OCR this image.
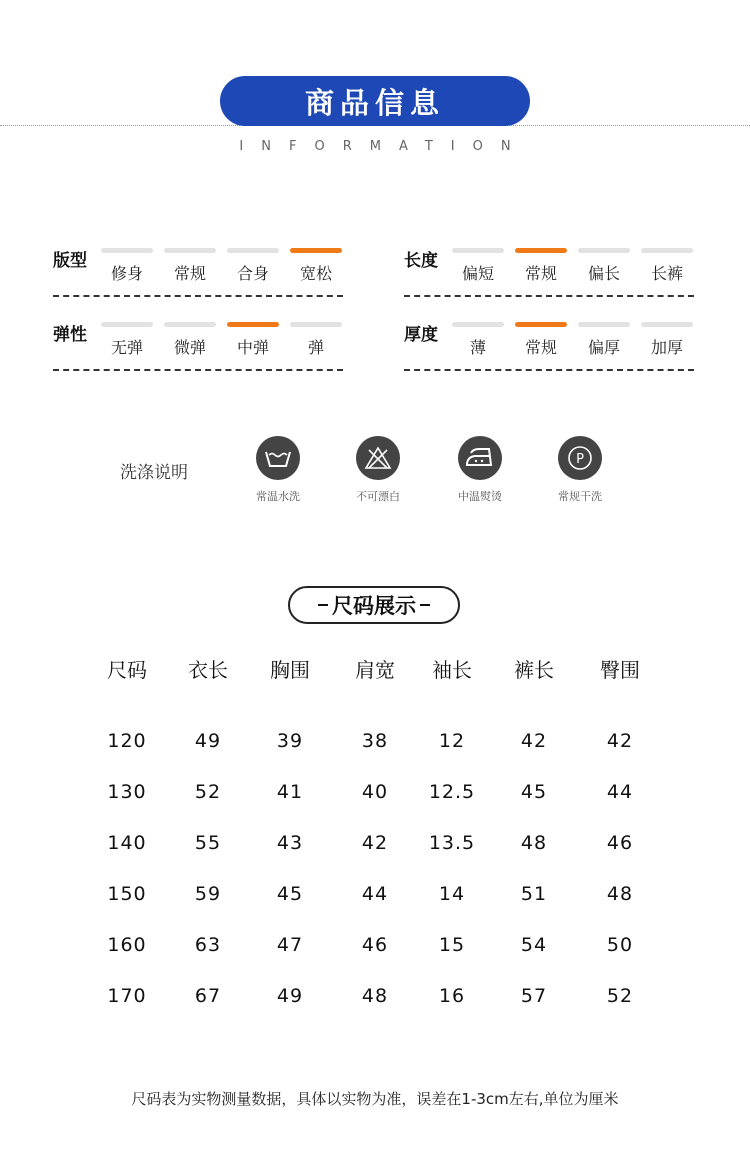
商品信息
INFORMATION
版型
修身	常规	合身	宽松
长度
偏短	常规	偏长	长裤
弹性
无弹	微弹	中弹	弹
厚度
薄	常规	偏厚	加厚
洗涤说明
常温水洗	不可漂白	中温熨烫
P
常规干洗
尺码展示
尺码	衣长	胸围	肩宽	袖长	裤长	臀围
120	49	39	38	12	42	42
130	52	41	40	12.5	45	44
140	55	43	42	13.5	48	46
150	59	45	44	14	51	48
160	63	47	46	15	54	50
170	67	49	48	16	57	52
尺码表为实物测量数据，具体以实物为准，误差在1-3cm左右,单位为厘米
